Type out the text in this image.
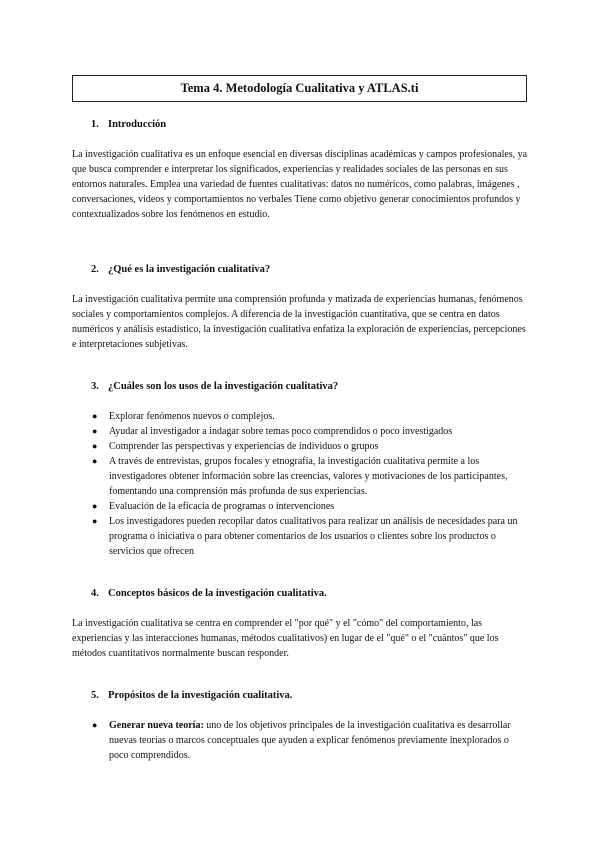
Tema 4. Metodología Cualitativa y ATLAS.ti
1. Introducción

La investigación cualitativa es un enfoque esencial en diversas disciplinas académicas y campos profesionales, ya que busca comprender e interpretar los significados, experiencias y realidades sociales de las personas en sus entornos naturales. Emplea una variedad de fuentes cualitativas: datos no numéricos, como palabras, imágenes , conversaciones, videos y comportamientos no verbales Tiene como objetivo generar conocimientos profundos y contextualizados sobre los fenómenos en estudio.

2. ¿Qué es la investigación cualitativa?

La investigación cualitativa permite una comprensión profunda y matizada de experiencias humanas, fenómenos sociales y comportamientos complejos. A diferencia de la investigación cuantitativa, que se centra en datos numéricos y análisis estadístico, la investigación cualitativa enfatiza la exploración de experiencias, percepciones e interpretaciones subjetivas.

3. ¿Cuáles son los usos de la investigación cualitativa?
● Explorar fenómenos nuevos o complejos.
● Ayudar al investigador a indagar sobre temas poco comprendidos o poco investigados
● Comprender las perspectivas y experiencias de individuos o grupos
● A través de entrevistas, grupos focales y etnografía, la investigación cualitativa permite a los investigadores obtener información sobre las creencias, valores y motivaciones de los participantes, fomentando una comprensión más profunda de sus experiencias.
● Evaluación de la eficacia de programas o intervenciones
● Los investigadores pueden recopilar datos cualitativos para realizar un análisis de necesidades para un programa o iniciativa o para obtener comentarios de los usuarios o clientes sobre los productos o servicios que ofrecen
4. Conceptos básicos de la investigación cualitativa.

La investigación cualitativa se centra en comprender el "por qué" y el "cómo" del comportamiento, las experiencias y las interacciones humanas, métodos cualitativos) en lugar de el "qué" o el "cuántos" que los métodos cuantitativos normalmente buscan responder.

5. Propósitos de la investigación cualitativa.
● Generar nueva teoría: uno de los objetivos principales de la investigación cualitativa es desarrollar nuevas teorías o marcos conceptuales que ayuden a explicar fenómenos previamente inexplorados o poco comprendidos.
